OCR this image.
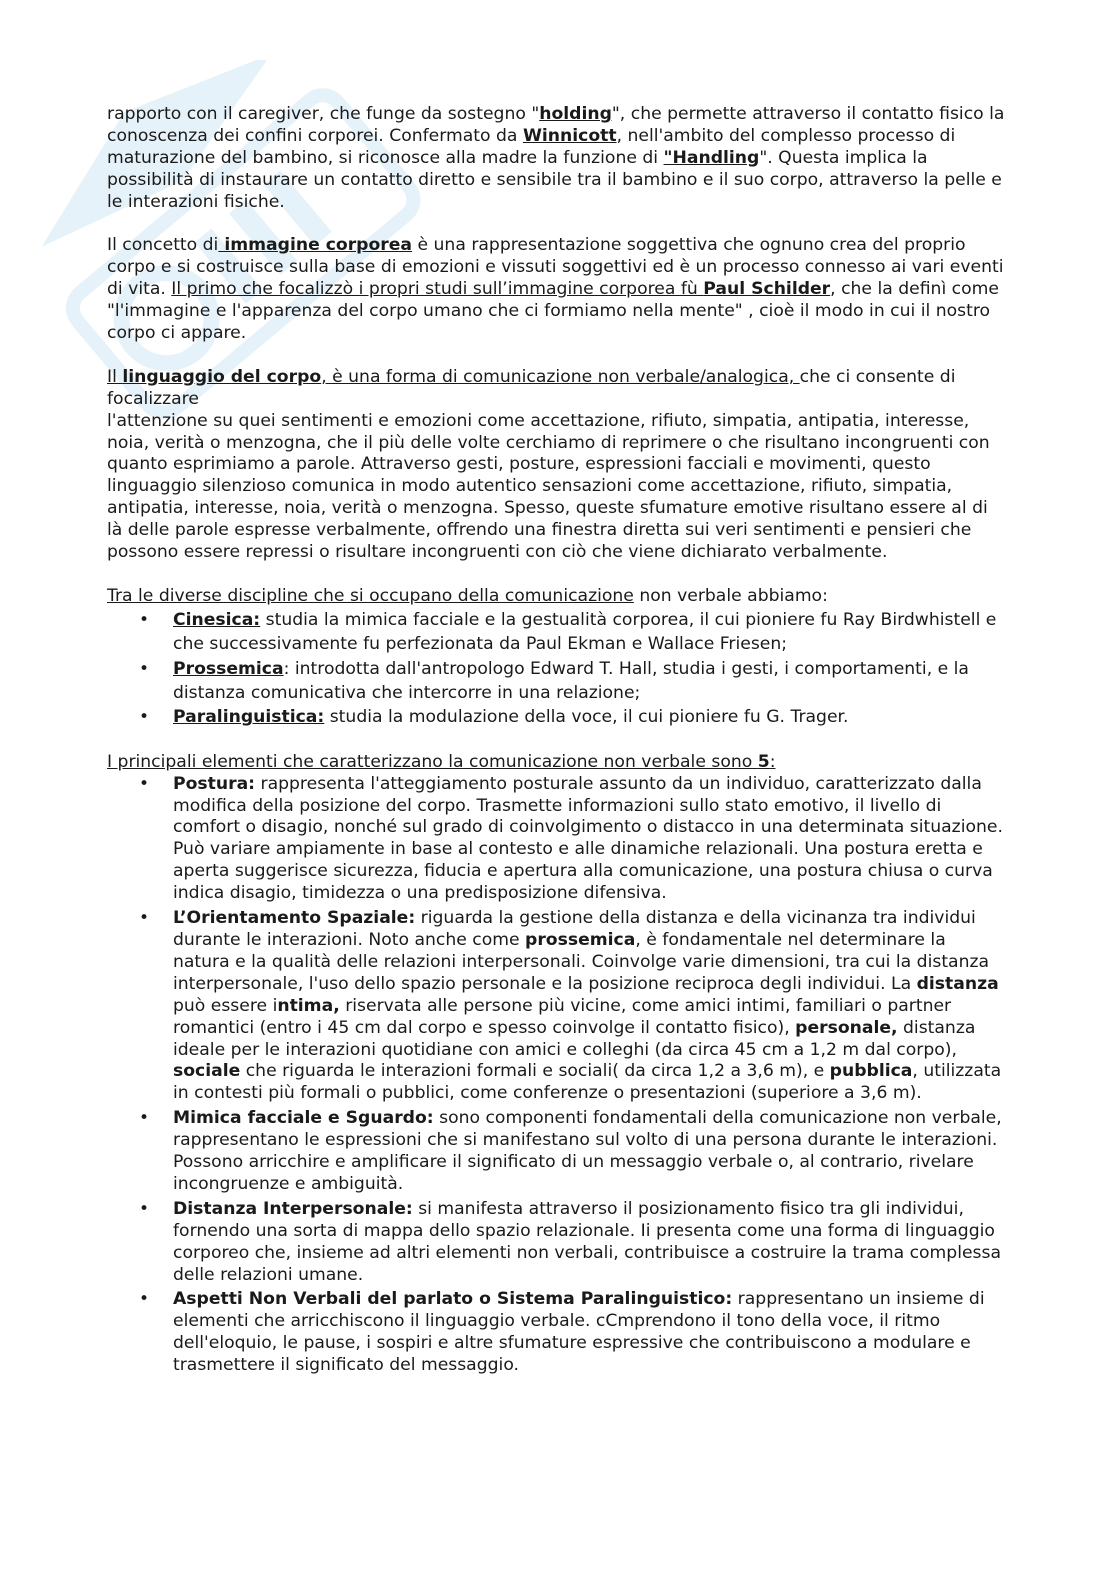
rapporto con il caregiver, che funge da sostegno "holding", che permette attraverso il contatto fisico la conoscenza dei confini corporei. Confermato da Winnicott, nell'ambito del complesso processo di maturazione del bambino, si riconosce alla madre la funzione di "Handling". Questa implica la possibilità di instaurare un contatto diretto e sensibile tra il bambino e il suo corpo, attraverso la pelle e le interazioni fisiche.

Il concetto di immagine corporea è una rappresentazione soggettiva che ognuno crea del proprio corpo e si costruisce sulla base di emozioni e vissuti soggettivi ed è un processo connesso ai vari eventi di vita. Il primo che focalizzò i propri studi sull’immagine corporea fù Paul Schilder, che la definì come "l'immagine e l'apparenza del corpo umano che ci formiamo nella mente" , cioè il modo in cui il nostro corpo ci appare.

Il linguaggio del corpo, è una forma di comunicazione non verbale/analogica, che ci consente di focalizzare
l'attenzione su quei sentimenti e emozioni come accettazione, rifiuto, simpatia, antipatia, interesse, noia, verità o menzogna, che il più delle volte cerchiamo di reprimere o che risultano incongruenti con quanto esprimiamo a parole. Attraverso gesti, posture, espressioni facciali e movimenti, questo linguaggio silenzioso comunica in modo autentico sensazioni come accettazione, rifiuto, simpatia, antipatia, interesse, noia, verità o menzogna. Spesso, queste sfumature emotive risultano essere al di là delle parole espresse verbalmente, offrendo una finestra diretta sui veri sentimenti e pensieri che possono essere repressi o risultare incongruenti con ciò che viene dichiarato verbalmente.

Tra le diverse discipline che si occupano della comunicazione non verbale abbiamo:

• Cinesica: studia la mimica facciale e la gestualità corporea, il cui pioniere fu Ray Birdwhistell e che successivamente fu perfezionata da Paul Ekman e Wallace Friesen;
• Prossemica: introdotta dall'antropologo Edward T. Hall, studia i gesti, i comportamenti, e la distanza comunicativa che intercorre in una relazione;
• Paralinguistica: studia la modulazione della voce, il cui pioniere fu G. Trager.

I principali elementi che caratterizzano la comunicazione non verbale sono 5:

• Postura: rappresenta l'atteggiamento posturale assunto da un individuo, caratterizzato dalla modifica della posizione del corpo. Trasmette informazioni sullo stato emotivo, il livello di comfort o disagio, nonché sul grado di coinvolgimento o distacco in una determinata situazione. Può variare ampiamente in base al contesto e alle dinamiche relazionali. Una postura eretta e aperta suggerisce sicurezza, fiducia e apertura alla comunicazione, una postura chiusa o curva indica disagio, timidezza o una predisposizione difensiva.
• L’Orientamento Spaziale: riguarda la gestione della distanza e della vicinanza tra individui durante le interazioni. Noto anche come prossemica, è fondamentale nel determinare la natura e la qualità delle relazioni interpersonali. Coinvolge varie dimensioni, tra cui la distanza interpersonale, l'uso dello spazio personale e la posizione reciproca degli individui. La distanza può essere intima, riservata alle persone più vicine, come amici intimi, familiari o partner romantici (entro i 45 cm dal corpo e spesso coinvolge il contatto fisico), personale, distanza ideale per le interazioni quotidiane con amici e colleghi (da circa 45 cm a 1,2 m dal corpo), sociale che riguarda le interazioni formali e sociali( da circa 1,2 a 3,6 m), e pubblica, utilizzata in contesti più formali o pubblici, come conferenze o presentazioni (superiore a 3,6 m).
• Mimica facciale e Sguardo: sono componenti fondamentali della comunicazione non verbale, rappresentano le espressioni che si manifestano sul volto di una persona durante le interazioni. Possono arricchire e amplificare il significato di un messaggio verbale o, al contrario, rivelare incongruenze e ambiguità.
• Distanza Interpersonale: si manifesta attraverso il posizionamento fisico tra gli individui, fornendo una sorta di mappa dello spazio relazionale. Ii presenta come una forma di linguaggio corporeo che, insieme ad altri elementi non verbali, contribuisce a costruire la trama complessa delle relazioni umane.
• Aspetti Non Verbali del parlato o Sistema Paralinguistico: rappresentano un insieme di elementi che arricchiscono il linguaggio verbale. cCmprendono il tono della voce, il ritmo dell'eloquio, le pause, i sospiri e altre sfumature espressive che contribuiscono a modulare e trasmettere il significato del messaggio.
